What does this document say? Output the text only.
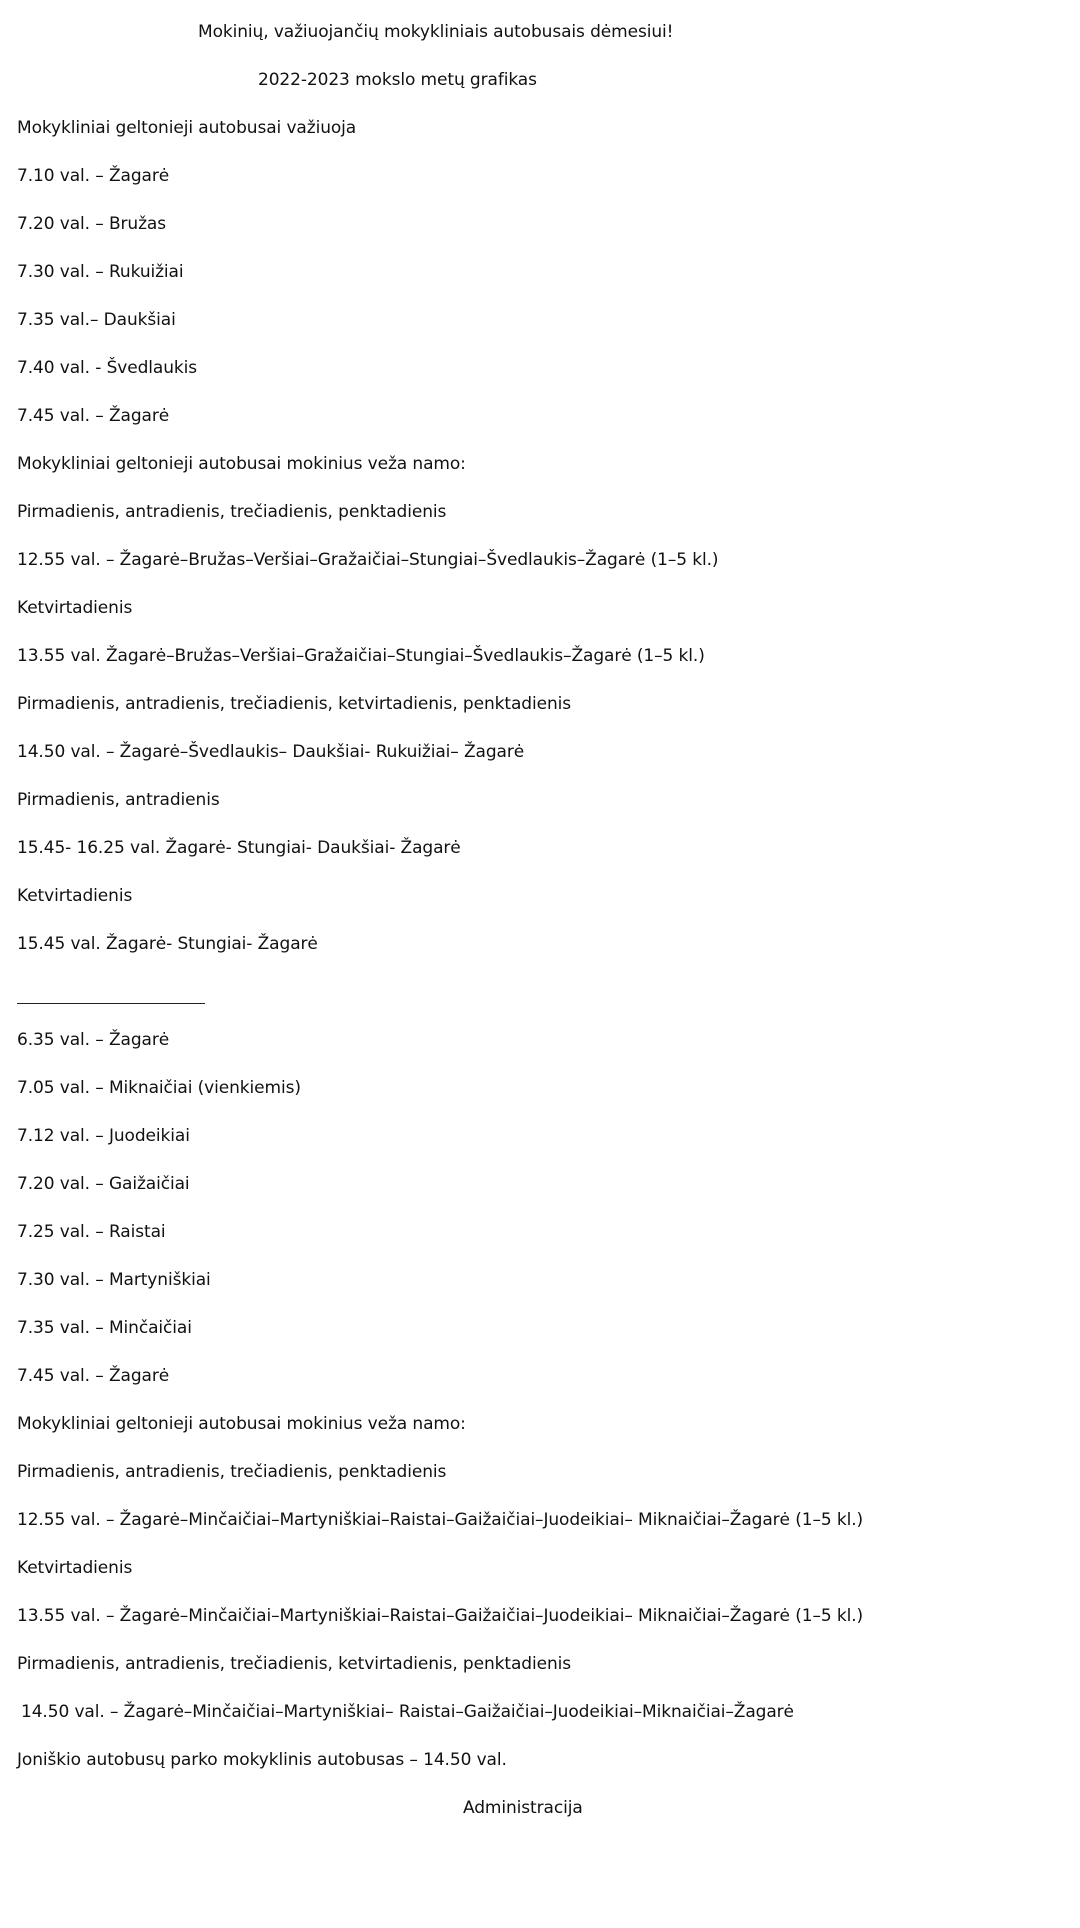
Mokinių, važiuojančių mokykliniais autobusais dėmesiui!
2022-2023 mokslo metų grafikas
Mokykliniai geltonieji autobusai važiuoja
7.10 val. – Žagarė
7.20 val. – Bružas
7.30 val. – Rukuižiai
7.35 val.– Daukšiai
7.40 val. - Švedlaukis
7.45 val. – Žagarė
Mokykliniai geltonieji autobusai mokinius veža namo:
Pirmadienis, antradienis, trečiadienis, penktadienis
12.55 val. – Žagarė–Bružas–Veršiai–Gražaičiai–Stungiai–Švedlaukis–Žagarė (1–5 kl.)
Ketvirtadienis
13.55 val. Žagarė–Bružas–Veršiai–Gražaičiai–Stungiai–Švedlaukis–Žagarė (1–5 kl.)
Pirmadienis, antradienis, trečiadienis, ketvirtadienis, penktadienis
14.50 val. – Žagarė–Švedlaukis– Daukšiai- Rukuižiai– Žagarė
Pirmadienis, antradienis
15.45- 16.25 val. Žagarė- Stungiai- Daukšiai- Žagarė
Ketvirtadienis
15.45 val. Žagarė- Stungiai- Žagarė
6.35 val. – Žagarė
7.05 val. – Miknaičiai (vienkiemis)
7.12 val. – Juodeikiai
7.20 val. – Gaižaičiai
7.25 val. – Raistai
7.30 val. – Martyniškiai
7.35 val. – Minčaičiai
7.45 val. – Žagarė
Mokykliniai geltonieji autobusai mokinius veža namo:
Pirmadienis, antradienis, trečiadienis, penktadienis
12.55 val. – Žagarė–Minčaičiai–Martyniškiai–Raistai–Gaižaičiai–Juodeikiai– Miknaičiai–Žagarė (1–5 kl.)
Ketvirtadienis
13.55 val. – Žagarė–Minčaičiai–Martyniškiai–Raistai–Gaižaičiai–Juodeikiai– Miknaičiai–Žagarė (1–5 kl.)
Pirmadienis, antradienis, trečiadienis, ketvirtadienis, penktadienis
14.50 val. – Žagarė–Minčaičiai–Martyniškiai– Raistai–Gaižaičiai–Juodeikiai–Miknaičiai–Žagarė
Joniškio autobusų parko mokyklinis autobusas – 14.50 val.
Administracija
